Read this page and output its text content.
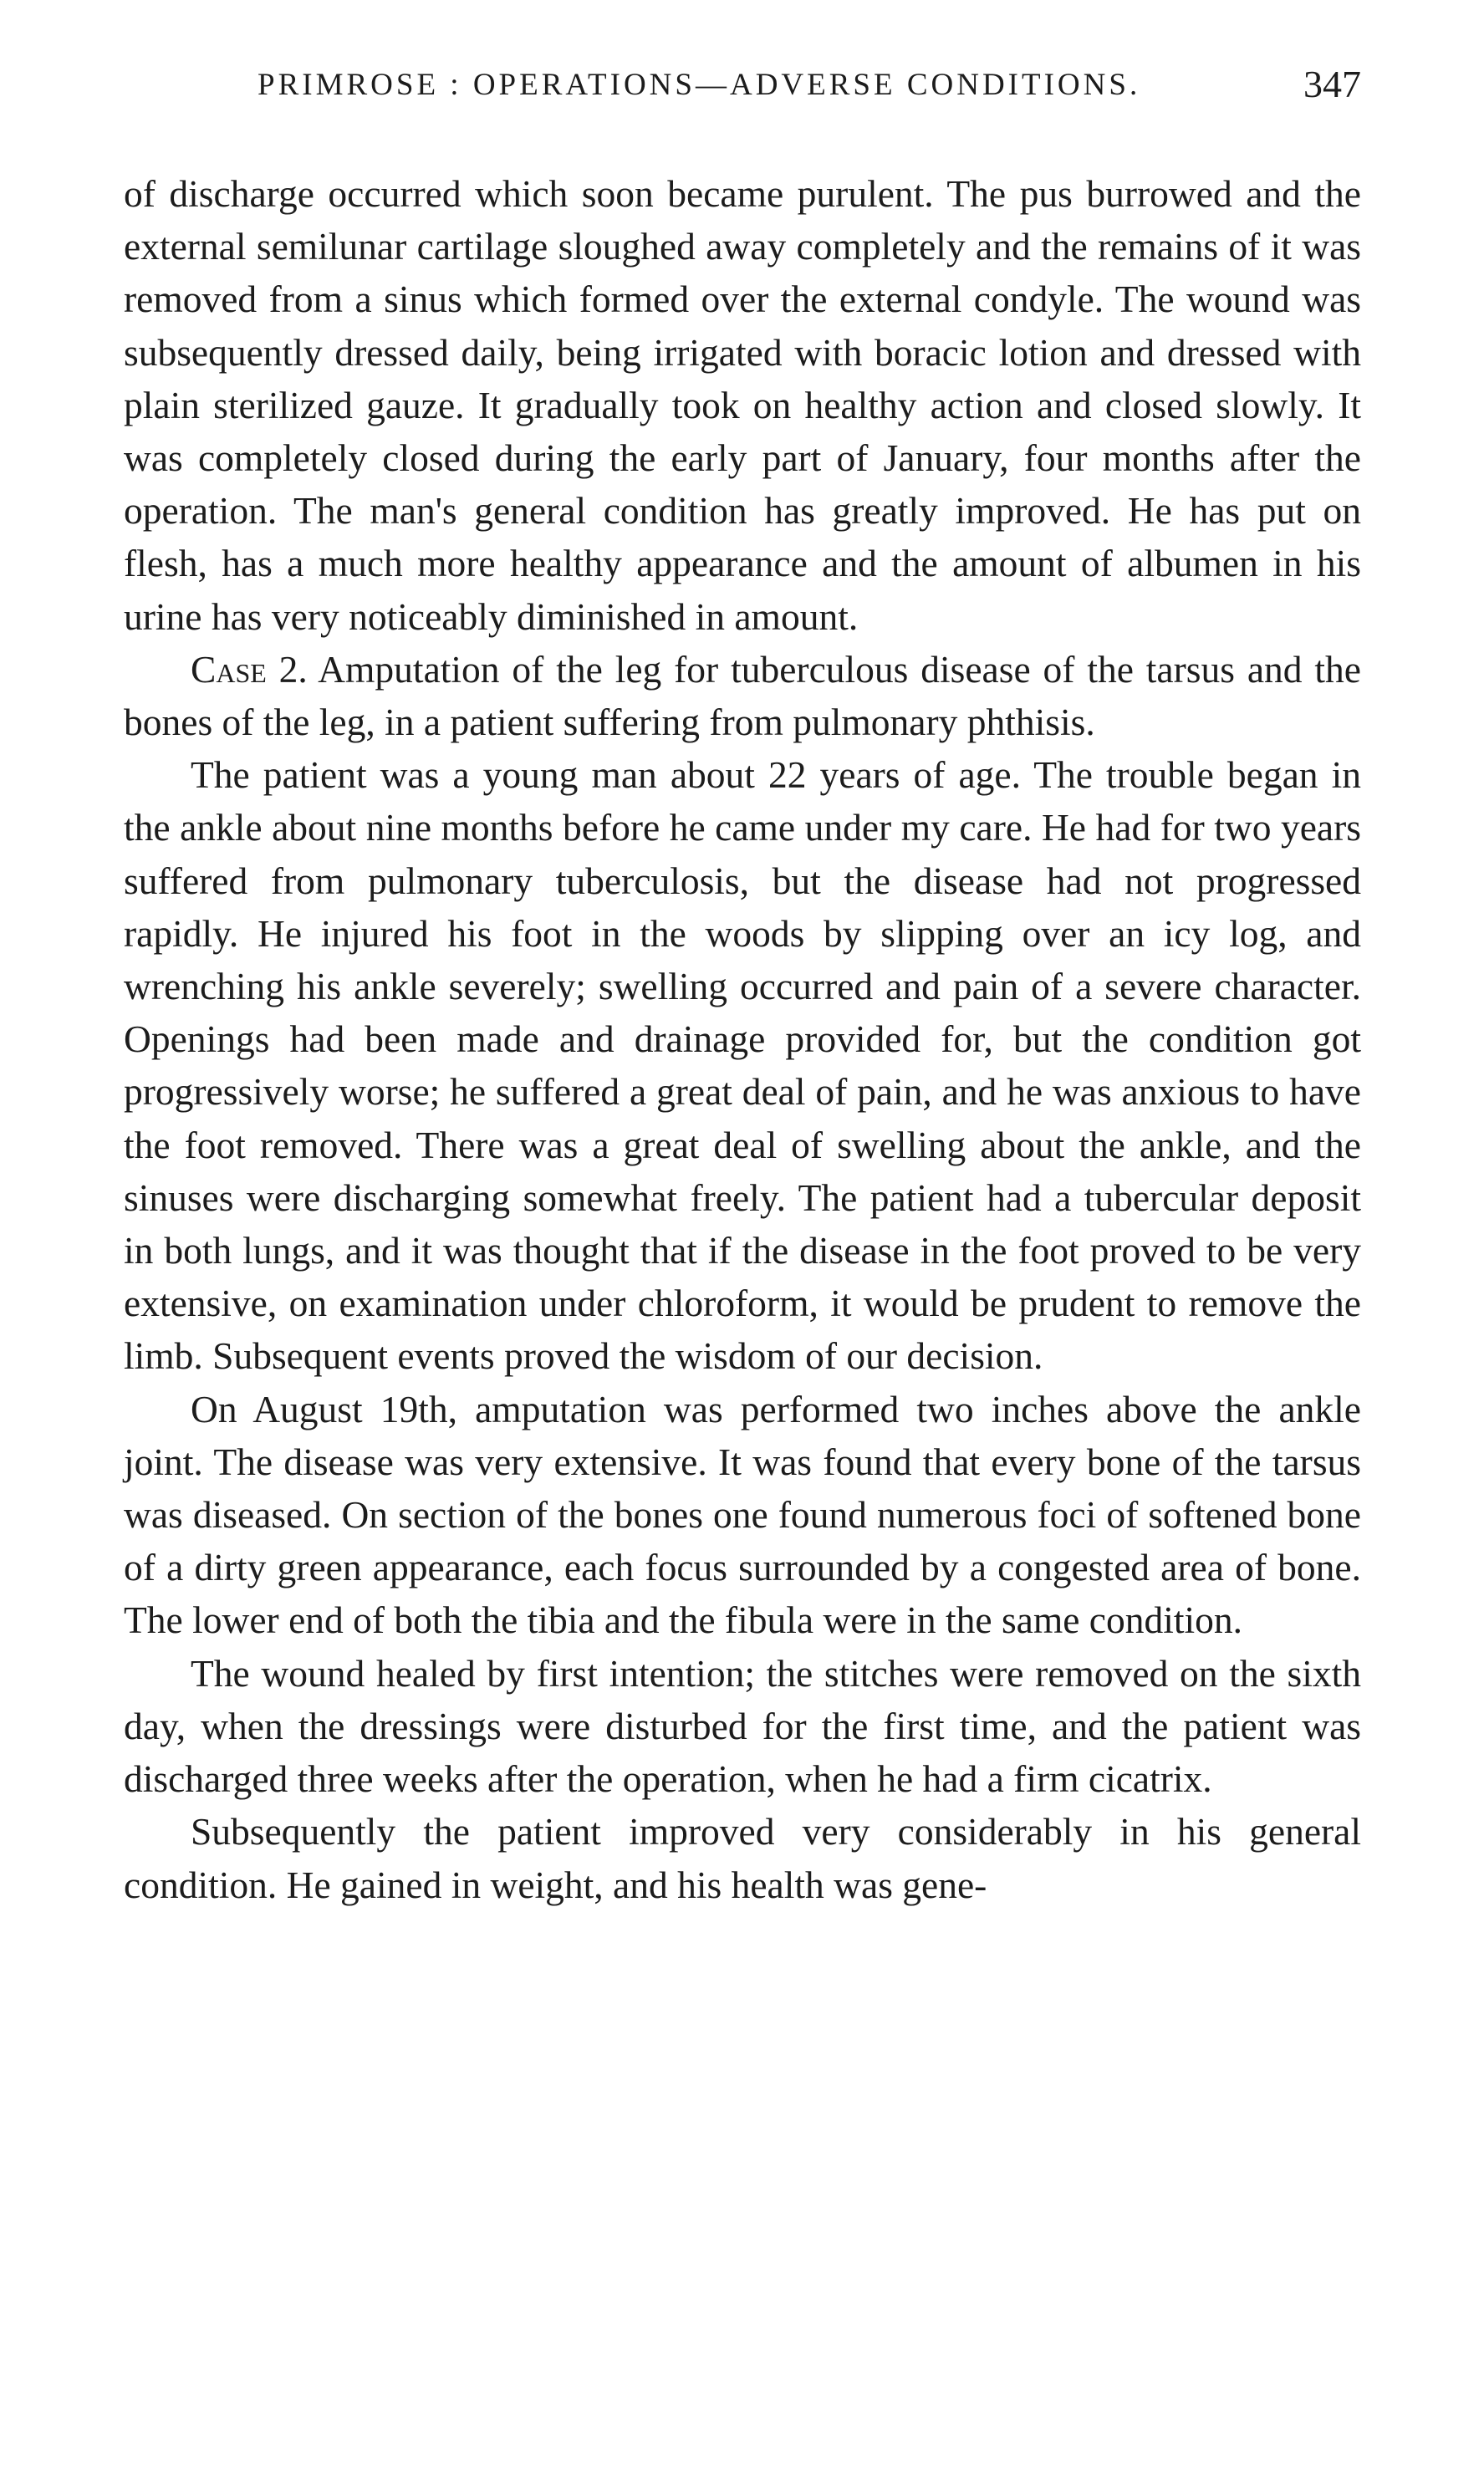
PRIMROSE : OPERATIONS—ADVERSE CONDITIONS.	347

of discharge occurred which soon became purulent. The pus burrowed and the external semilunar cartilage sloughed away completely and the remains of it was removed from a sinus which formed over the external condyle. The wound was subsequently dressed daily, being irrigated with boracic lotion and dressed with plain sterilized gauze. It gradually took on healthy action and closed slowly. It was completely closed during the early part of January, four months after the operation. The man's general condition has greatly improved. He has put on flesh, has a much more healthy appearance and the amount of albumen in his urine has very noticeably diminished in amount.

Case 2. Amputation of the leg for tuberculous disease of the tarsus and the bones of the leg, in a patient suffering from pulmonary phthisis.

The patient was a young man about 22 years of age. The trouble began in the ankle about nine months before he came under my care. He had for two years suffered from pulmonary tuberculosis, but the disease had not progressed rapidly. He injured his foot in the woods by slipping over an icy log, and wrenching his ankle severely; swelling occurred and pain of a severe character. Openings had been made and drainage provided for, but the condition got progressively worse; he suffered a great deal of pain, and he was anxious to have the foot removed. There was a great deal of swelling about the ankle, and the sinuses were discharging somewhat freely. The patient had a tubercular deposit in both lungs, and it was thought that if the disease in the foot proved to be very extensive, on examination under chloroform, it would be prudent to remove the limb. Subsequent events proved the wisdom of our decision.

On August 19th, amputation was performed two inches above the ankle joint. The disease was very extensive. It was found that every bone of the tarsus was diseased. On section of the bones one found numerous foci of softened bone of a dirty green appearance, each focus surrounded by a congested area of bone. The lower end of both the tibia and the fibula were in the same condition.

The wound healed by first intention; the stitches were removed on the sixth day, when the dressings were disturbed for the first time, and the patient was discharged three weeks after the operation, when he had a firm cicatrix.

Subsequently the patient improved very considerably in his general condition. He gained in weight, and his health was gene-
